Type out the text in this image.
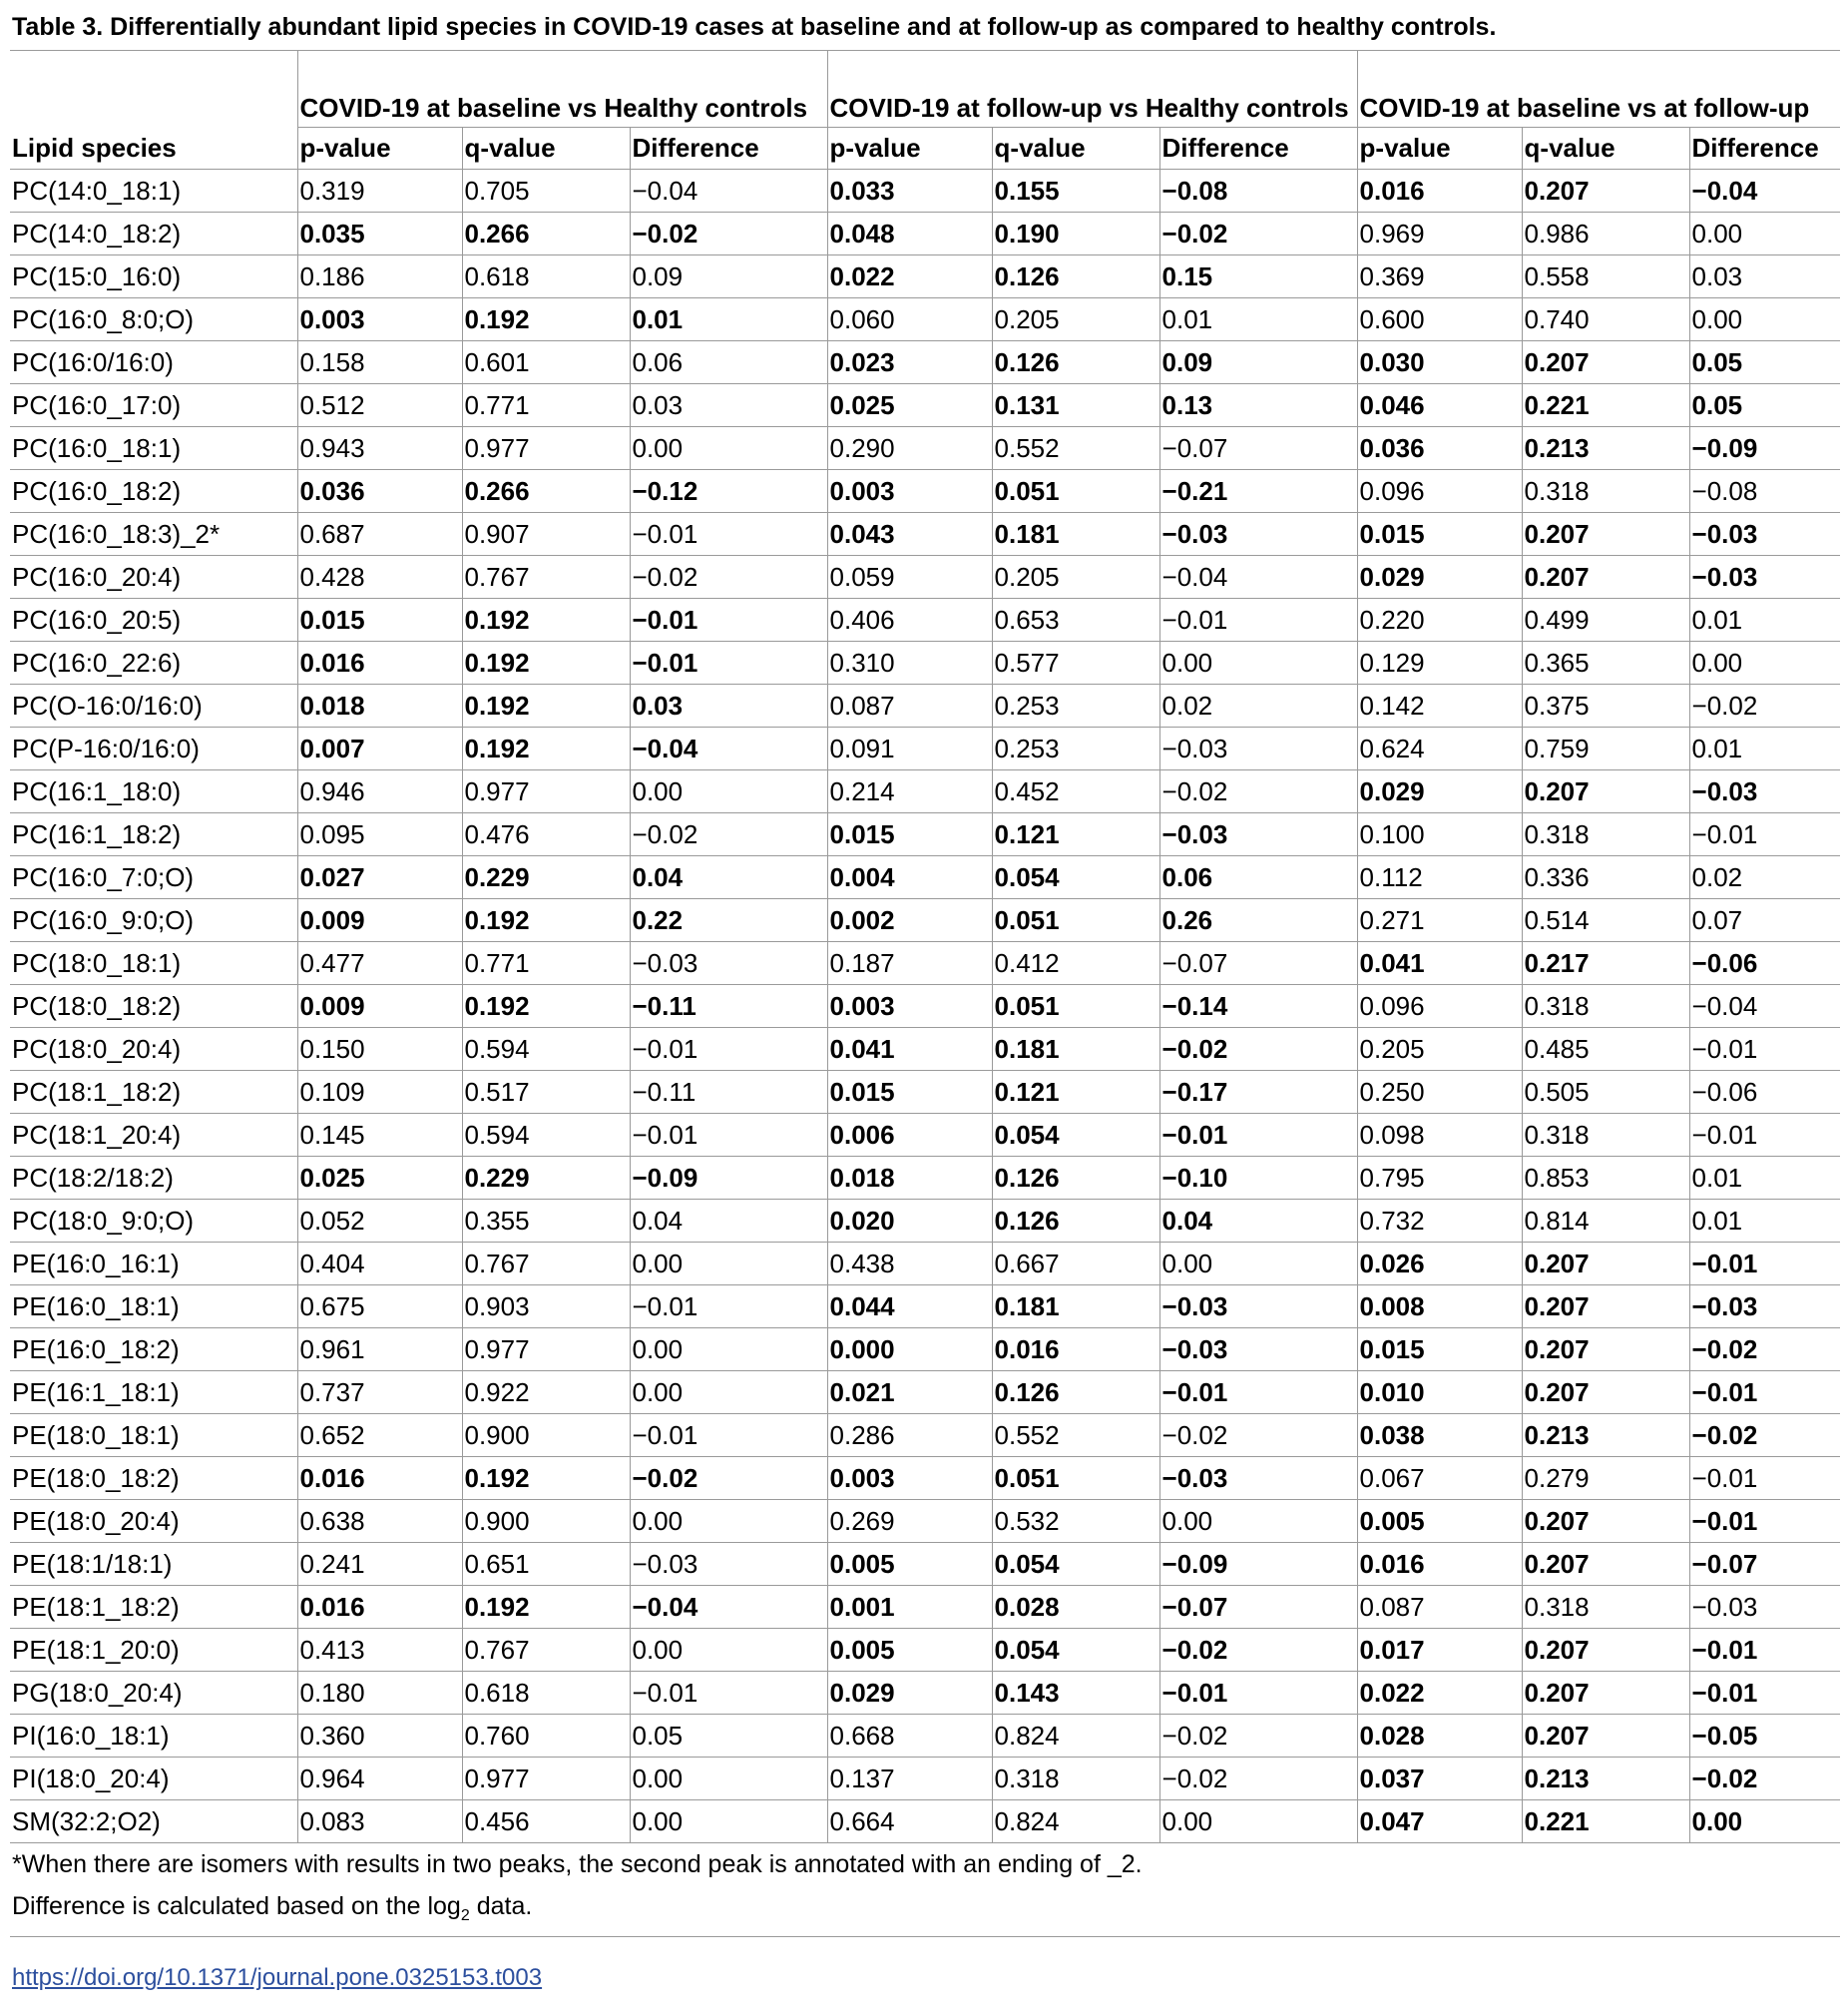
Table 3. Differentially abundant lipid species in COVID-19 cases at baseline and at follow-up as compared to healthy controls.
	COVID-19 at baseline vs Healthy controls			COVID-19 at follow-up vs Healthy controls			COVID-19 at baseline vs at follow-up		
Lipid species	p-value	q-value	Difference	p-value	q-value	Difference	p-value	q-value	Difference
PC(14:0_18:1)	0.319	0.705	−0.04	0.033	0.155	−0.08	0.016	0.207	−0.04
PC(14:0_18:2)	0.035	0.266	−0.02	0.048	0.190	−0.02	0.969	0.986	0.00
PC(15:0_16:0)	0.186	0.618	0.09	0.022	0.126	0.15	0.369	0.558	0.03
PC(16:0_8:0;O)	0.003	0.192	0.01	0.060	0.205	0.01	0.600	0.740	0.00
PC(16:0/16:0)	0.158	0.601	0.06	0.023	0.126	0.09	0.030	0.207	0.05
PC(16:0_17:0)	0.512	0.771	0.03	0.025	0.131	0.13	0.046	0.221	0.05
PC(16:0_18:1)	0.943	0.977	0.00	0.290	0.552	−0.07	0.036	0.213	−0.09
PC(16:0_18:2)	0.036	0.266	−0.12	0.003	0.051	−0.21	0.096	0.318	−0.08
PC(16:0_18:3)_2*	0.687	0.907	−0.01	0.043	0.181	−0.03	0.015	0.207	−0.03
PC(16:0_20:4)	0.428	0.767	−0.02	0.059	0.205	−0.04	0.029	0.207	−0.03
PC(16:0_20:5)	0.015	0.192	−0.01	0.406	0.653	−0.01	0.220	0.499	0.01
PC(16:0_22:6)	0.016	0.192	−0.01	0.310	0.577	0.00	0.129	0.365	0.00
PC(O-16:0/16:0)	0.018	0.192	0.03	0.087	0.253	0.02	0.142	0.375	−0.02
PC(P-16:0/16:0)	0.007	0.192	−0.04	0.091	0.253	−0.03	0.624	0.759	0.01
PC(16:1_18:0)	0.946	0.977	0.00	0.214	0.452	−0.02	0.029	0.207	−0.03
PC(16:1_18:2)	0.095	0.476	−0.02	0.015	0.121	−0.03	0.100	0.318	−0.01
PC(16:0_7:0;O)	0.027	0.229	0.04	0.004	0.054	0.06	0.112	0.336	0.02
PC(16:0_9:0;O)	0.009	0.192	0.22	0.002	0.051	0.26	0.271	0.514	0.07
PC(18:0_18:1)	0.477	0.771	−0.03	0.187	0.412	−0.07	0.041	0.217	−0.06
PC(18:0_18:2)	0.009	0.192	−0.11	0.003	0.051	−0.14	0.096	0.318	−0.04
PC(18:0_20:4)	0.150	0.594	−0.01	0.041	0.181	−0.02	0.205	0.485	−0.01
PC(18:1_18:2)	0.109	0.517	−0.11	0.015	0.121	−0.17	0.250	0.505	−0.06
PC(18:1_20:4)	0.145	0.594	−0.01	0.006	0.054	−0.01	0.098	0.318	−0.01
PC(18:2/18:2)	0.025	0.229	−0.09	0.018	0.126	−0.10	0.795	0.853	0.01
PC(18:0_9:0;O)	0.052	0.355	0.04	0.020	0.126	0.04	0.732	0.814	0.01
PE(16:0_16:1)	0.404	0.767	0.00	0.438	0.667	0.00	0.026	0.207	−0.01
PE(16:0_18:1)	0.675	0.903	−0.01	0.044	0.181	−0.03	0.008	0.207	−0.03
PE(16:0_18:2)	0.961	0.977	0.00	0.000	0.016	−0.03	0.015	0.207	−0.02
PE(16:1_18:1)	0.737	0.922	0.00	0.021	0.126	−0.01	0.010	0.207	−0.01
PE(18:0_18:1)	0.652	0.900	−0.01	0.286	0.552	−0.02	0.038	0.213	−0.02
PE(18:0_18:2)	0.016	0.192	−0.02	0.003	0.051	−0.03	0.067	0.279	−0.01
PE(18:0_20:4)	0.638	0.900	0.00	0.269	0.532	0.00	0.005	0.207	−0.01
PE(18:1/18:1)	0.241	0.651	−0.03	0.005	0.054	−0.09	0.016	0.207	−0.07
PE(18:1_18:2)	0.016	0.192	−0.04	0.001	0.028	−0.07	0.087	0.318	−0.03
PE(18:1_20:0)	0.413	0.767	0.00	0.005	0.054	−0.02	0.017	0.207	−0.01
PG(18:0_20:4)	0.180	0.618	−0.01	0.029	0.143	−0.01	0.022	0.207	−0.01
PI(16:0_18:1)	0.360	0.760	0.05	0.668	0.824	−0.02	0.028	0.207	−0.05
PI(18:0_20:4)	0.964	0.977	0.00	0.137	0.318	−0.02	0.037	0.213	−0.02
SM(32:2;O2)	0.083	0.456	0.00	0.664	0.824	0.00	0.047	0.221	0.00
*When there are isomers with results in two peaks, the second peak is annotated with an ending of _2.
Difference is calculated based on the $\log_2$ data.
https://doi.org/10.1371/journal.pone.0325153.t003
